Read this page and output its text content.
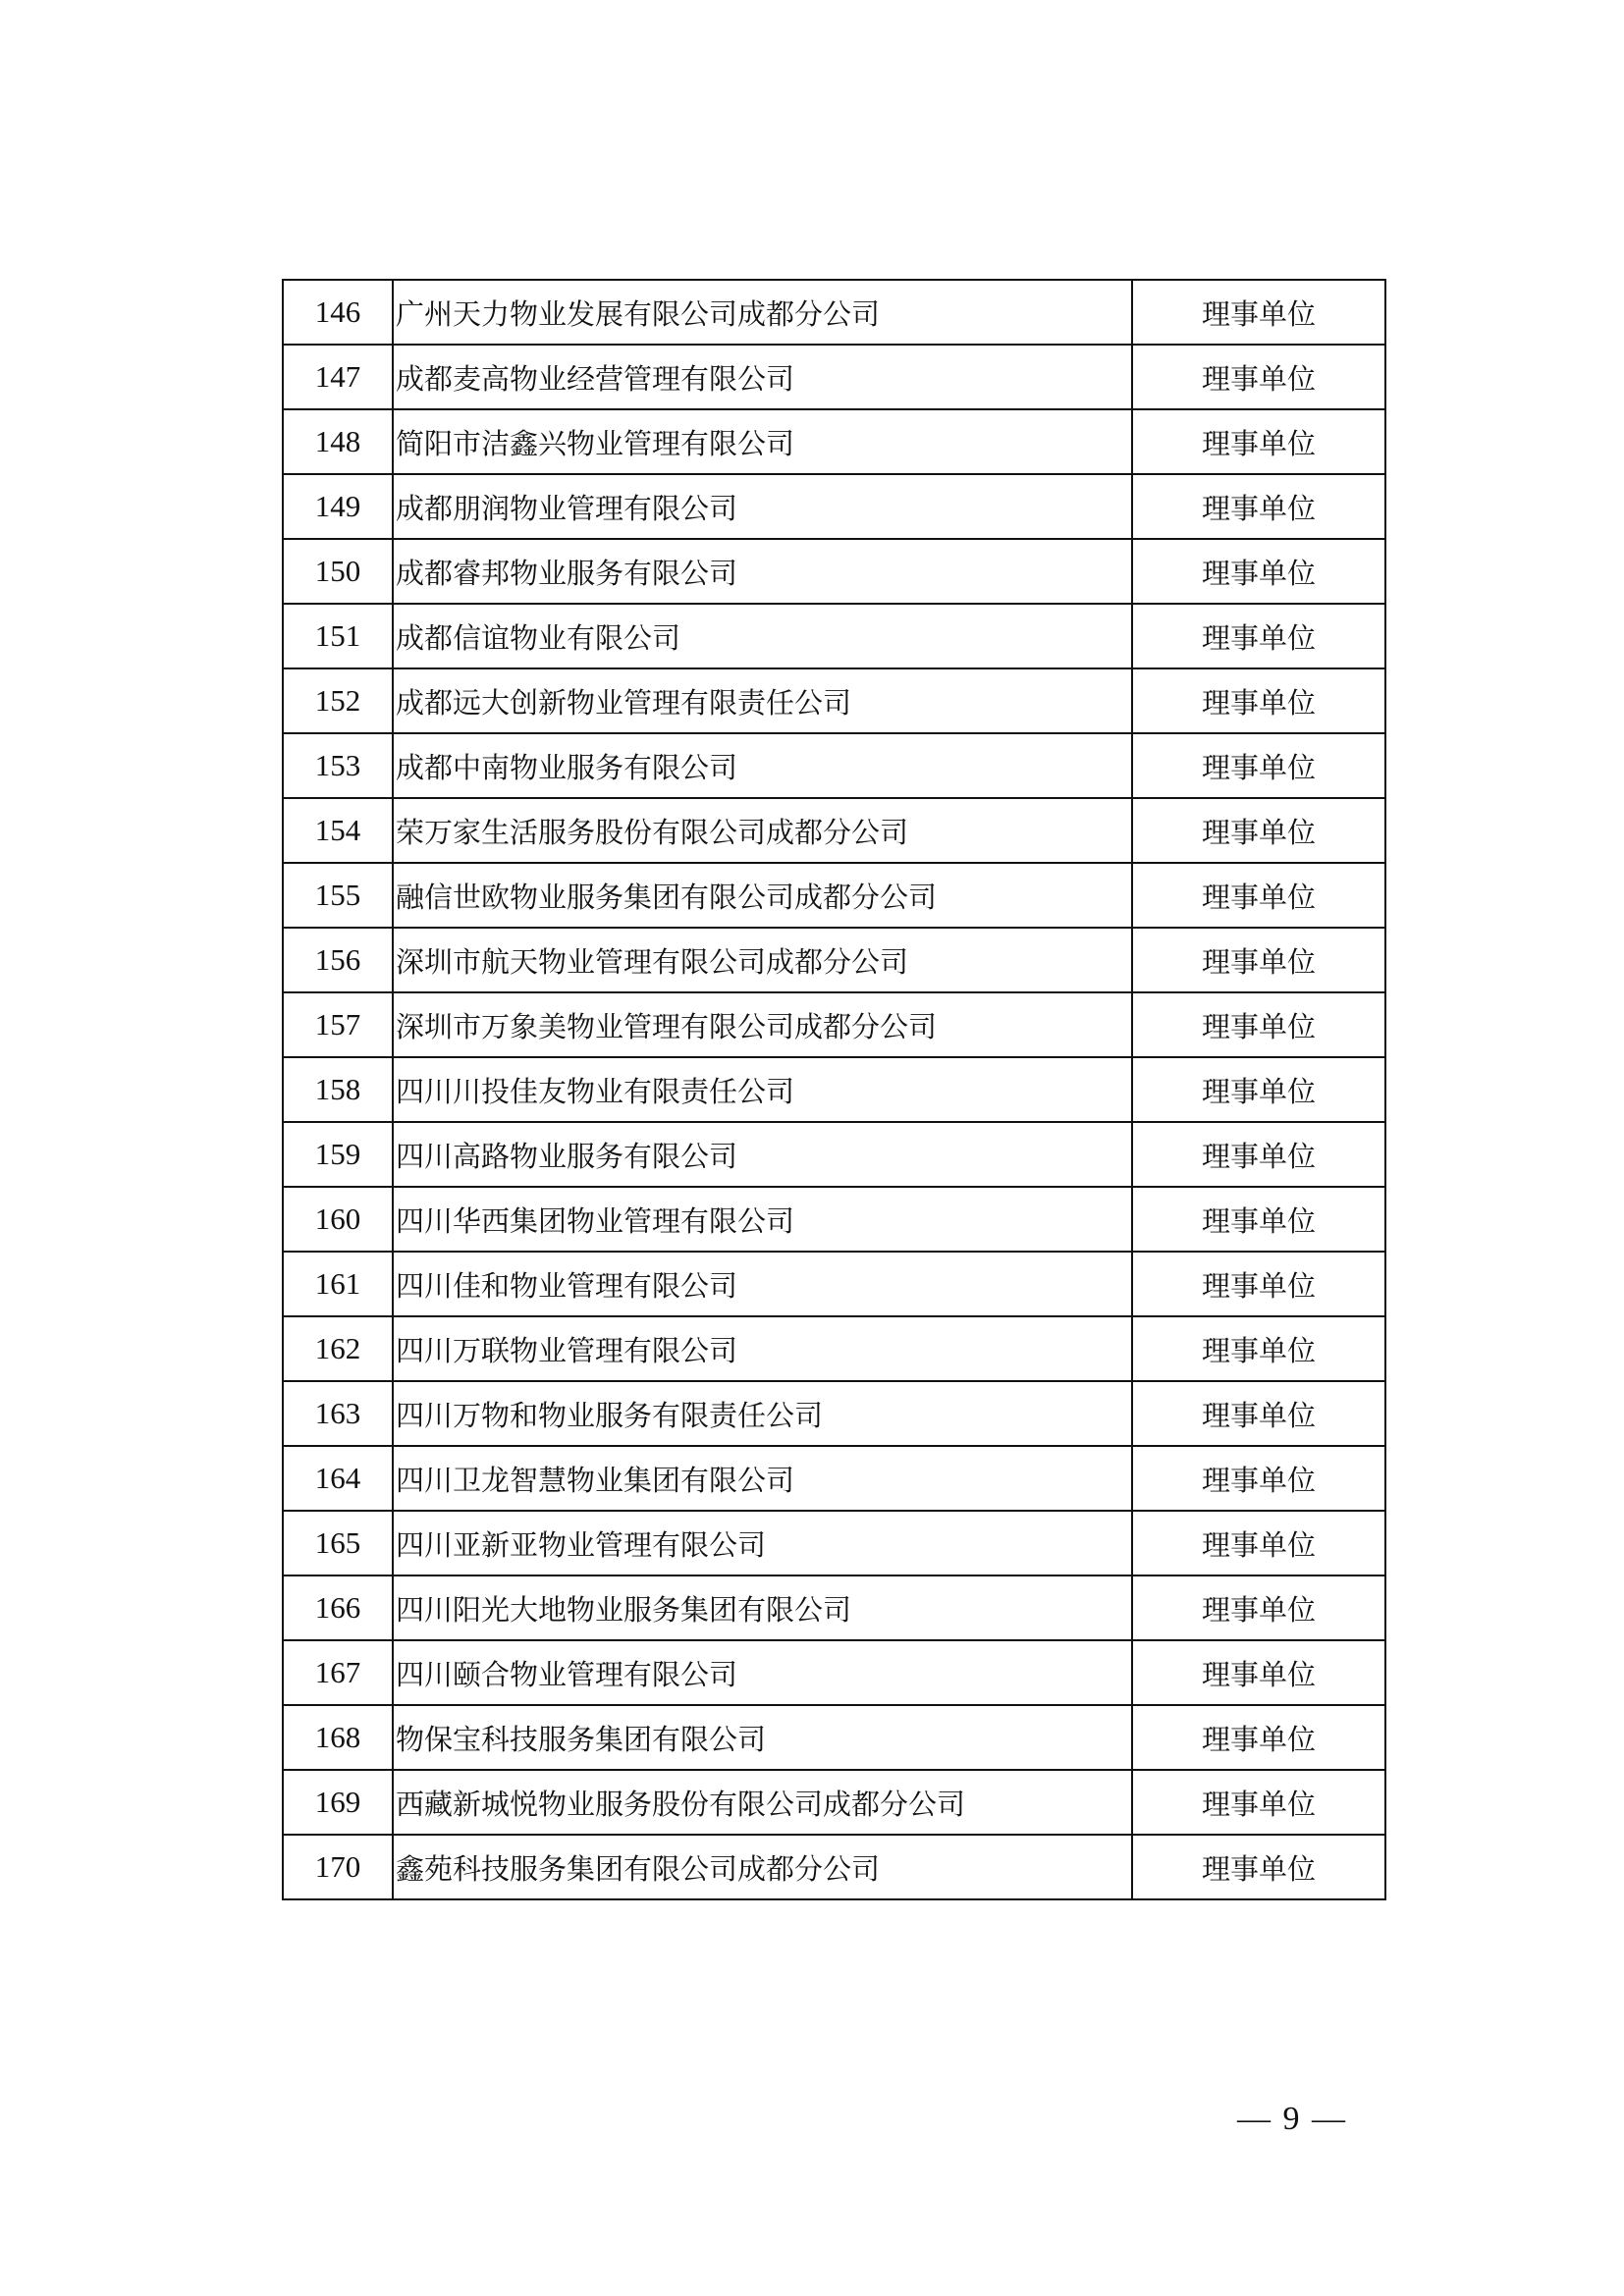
146	广州天力物业发展有限公司成都分公司	理事单位
147	成都麦高物业经营管理有限公司	理事单位
148	简阳市洁鑫兴物业管理有限公司	理事单位
149	成都朋润物业管理有限公司	理事单位
150	成都睿邦物业服务有限公司	理事单位
151	成都信谊物业有限公司	理事单位
152	成都远大创新物业管理有限责任公司	理事单位
153	成都中南物业服务有限公司	理事单位
154	荣万家生活服务股份有限公司成都分公司	理事单位
155	融信世欧物业服务集团有限公司成都分公司	理事单位
156	深圳市航天物业管理有限公司成都分公司	理事单位
157	深圳市万象美物业管理有限公司成都分公司	理事单位
158	四川川投佳友物业有限责任公司	理事单位
159	四川高路物业服务有限公司	理事单位
160	四川华西集团物业管理有限公司	理事单位
161	四川佳和物业管理有限公司	理事单位
162	四川万联物业管理有限公司	理事单位
163	四川万物和物业服务有限责任公司	理事单位
164	四川卫龙智慧物业集团有限公司	理事单位
165	四川亚新亚物业管理有限公司	理事单位
166	四川阳光大地物业服务集团有限公司	理事单位
167	四川颐合物业管理有限公司	理事单位
168	物保宝科技服务集团有限公司	理事单位
169	西藏新城悦物业服务股份有限公司成都分公司	理事单位
170	鑫苑科技服务集团有限公司成都分公司	理事单位
— 9 —
